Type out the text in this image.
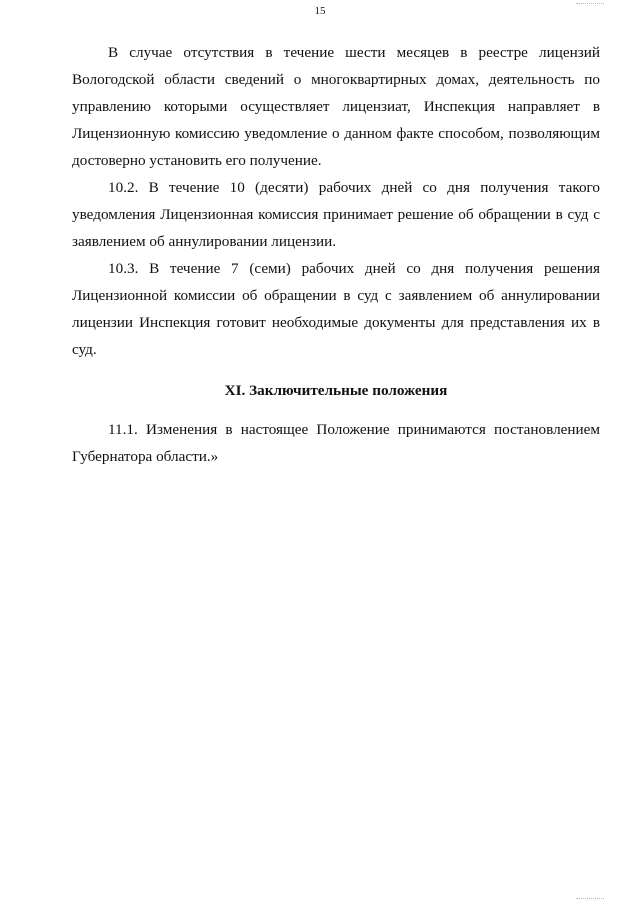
15

В случае отсутствия в течение шести месяцев в реестре лицензий Вологодской области сведений о многоквартирных домах, деятельность по управлению которыми осуществляет лицензиат, Инспекция направляет в Лицензионную комиссию уведомление о данном факте способом, позволяющим достоверно установить его получение.

10.2. В течение 10 (десяти) рабочих дней со дня получения такого уведомления Лицензионная комиссия принимает решение об обращении в суд с заявлением об аннулировании лицензии.

10.3. В течение 7 (семи) рабочих дней со дня получения решения Лицензионной комиссии об обращении в суд с заявлением об аннулировании лицензии Инспекция готовит необходимые документы для представления их в суд.

XI. Заключительные положения

11.1. Изменения в настоящее Положение принимаются постановлением Губернатора области.»
